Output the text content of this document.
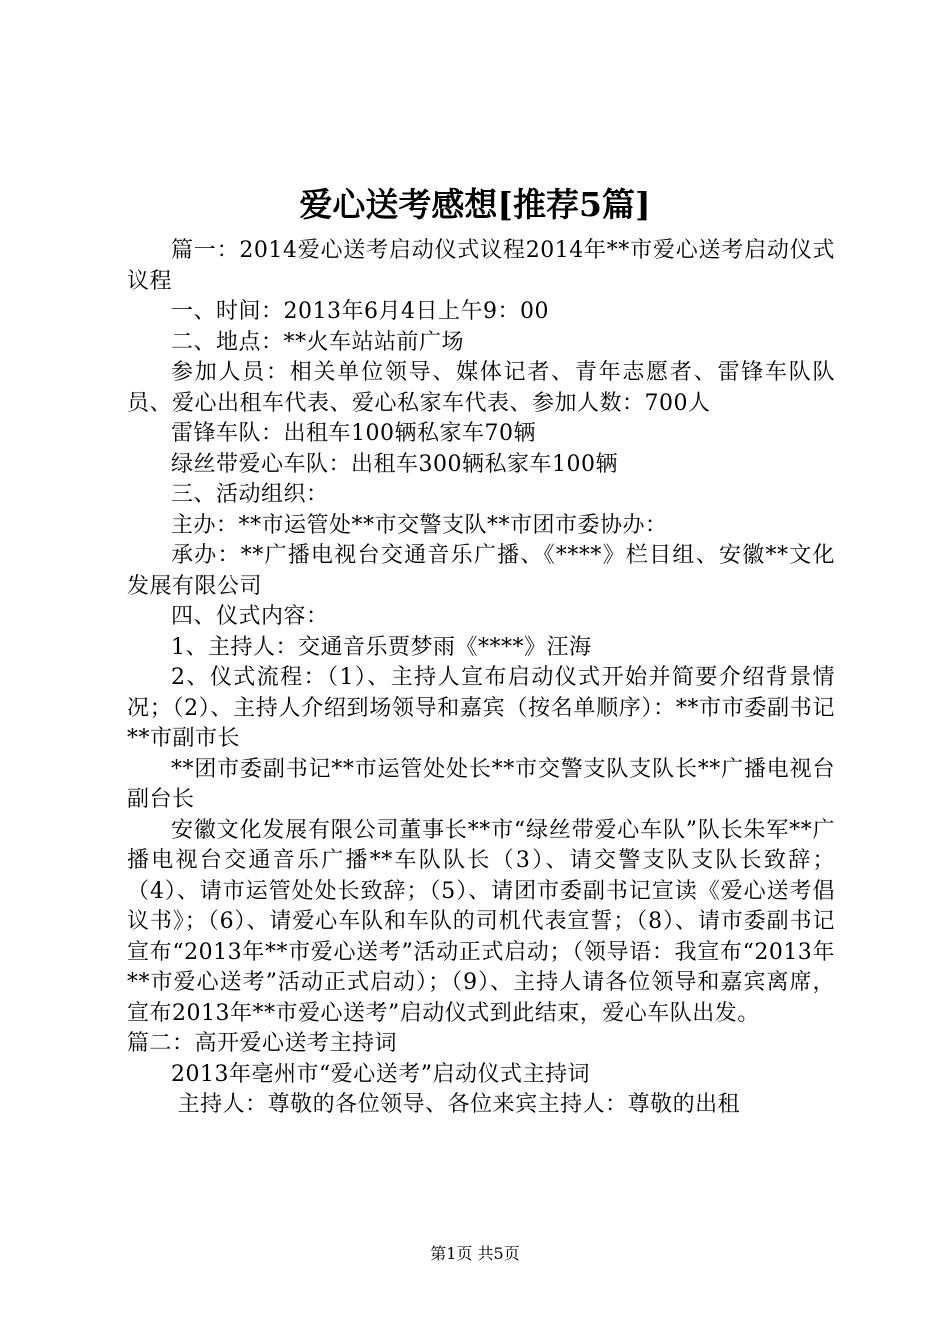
爱心送考感想[推荐5篇]

篇一：2014爱心送考启动仪式议程2014年**市爱心送考启动仪式议程

一、时间：2013年6月4日上午9：00

二、地点：**火车站站前广场

参加人员：相关单位领导、媒体记者、青年志愿者、雷锋车队队员、爱心出租车代表、爱心私家车代表、参加人数：700人

雷锋车队：出租车100辆私家车70辆

绿丝带爱心车队：出租车300辆私家车100辆

三、活动组织：

主办：**市运管处**市交警支队**市团市委协办：

承办：**广播电视台交通音乐广播、《****》栏目组、安徽**文化发展有限公司

四、仪式内容：

1、主持人：交通音乐贾梦雨《****》汪海

2、仪式流程：（1）、主持人宣布启动仪式开始并简要介绍背景情况；（2）、主持人介绍到场领导和嘉宾（按名单顺序）：**市市委副书记**市副市长

**团市委副书记**市运管处处长**市交警支队支队长**广播电视台副台长

安徽文化发展有限公司董事长**市“绿丝带爱心车队”队长朱军**广播电视台交通音乐广播**车队队长（3）、请交警支队支队长致辞；（4）、请市运管处处长致辞；（5）、请团市委副书记宣读《爱心送考倡议书》；（6）、请爱心车队和车队的司机代表宣誓；（8）、请市委副书记宣布“2013年**市爱心送考”活动正式启动；（领导语：我宣布“2013年**市爱心送考”活动正式启动）；（9）、主持人请各位领导和嘉宾离席，宣布2013年**市爱心送考”启动仪式到此结束，爱心车队出发。

篇二：高开爱心送考主持词

2013年亳州市“爱心送考”启动仪式主持词

主持人：尊敬的各位领导、各位来宾主持人：尊敬的出租

第1页 共5页
